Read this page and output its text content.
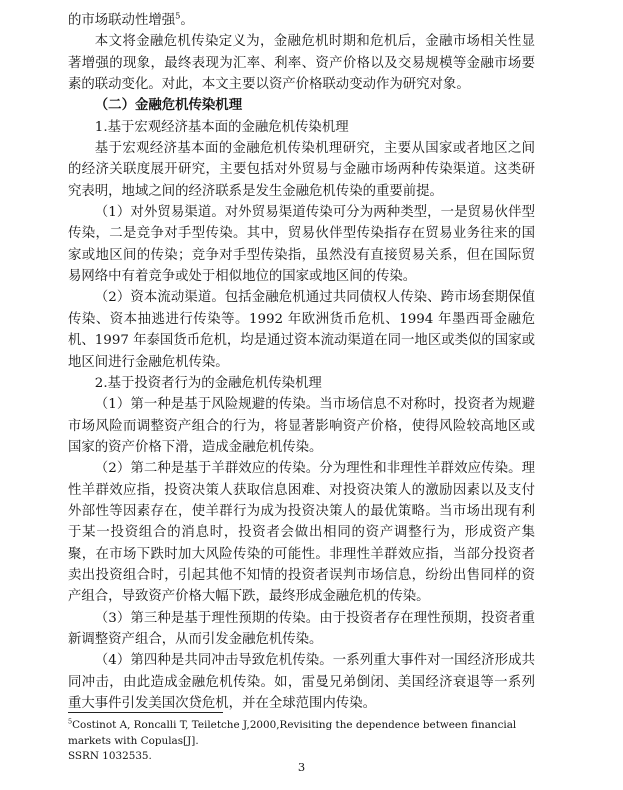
的市场联动性增强$^5$。

本文将金融危机传染定义为，金融危机时期和危机后，金融市场相关性显著增强的现象，最终表现为汇率、利率、资产价格以及交易规模等金融市场要素的联动变化。对此，本文主要以资产价格联动变动作为研究对象。

（二）金融危机传染机理

1.基于宏观经济基本面的金融危机传染机理

基于宏观经济基本面的金融危机传染机理研究，主要从国家或者地区之间的经济关联度展开研究，主要包括对外贸易与金融市场两种传染渠道。这类研究表明，地域之间的经济联系是发生金融危机传染的重要前提。

（1）对外贸易渠道。对外贸易渠道传染可分为两种类型，一是贸易伙伴型传染，二是竞争对手型传染。其中，贸易伙伴型传染指存在贸易业务往来的国家或地区间的传染；竞争对手型传染指，虽然没有直接贸易关系，但在国际贸易网络中有着竞争或处于相似地位的国家或地区间的传染。

（2）资本流动渠道。包括金融危机通过共同债权人传染、跨市场套期保值传染、资本抽逃进行传染等。1992 年欧洲货币危机、1994 年墨西哥金融危机、1997 年泰国货币危机，均是通过资本流动渠道在同一地区或类似的国家或地区间进行金融危机传染。

2.基于投资者行为的金融危机传染机理

（1）第一种是基于风险规避的传染。当市场信息不对称时，投资者为规避市场风险而调整资产组合的行为，将显著影响资产价格，使得风险较高地区或国家的资产价格下滑，造成金融危机传染。

（2）第二种是基于羊群效应的传染。分为理性和非理性羊群效应传染。理性羊群效应指，投资决策人获取信息困难、对投资决策人的激励因素以及支付外部性等因素存在，使羊群行为成为投资决策人的最优策略。当市场出现有利于某一投资组合的消息时，投资者会做出相同的资产调整行为，形成资产集聚，在市场下跌时加大风险传染的可能性。非理性羊群效应指，当部分投资者卖出投资组合时，引起其他不知情的投资者误判市场信息，纷纷出售同样的资产组合，导致资产价格大幅下跌，最终形成金融危机的传染。

（3）第三种是基于理性预期的传染。由于投资者存在理性预期，投资者重新调整资产组合，从而引发金融危机传染。

（4）第四种是共同冲击导致危机传染。一系列重大事件对一国经济形成共同冲击，由此造成金融危机传染。如，雷曼兄弟倒闭、美国经济衰退等一系列重大事件引发美国次贷危机，并在全球范围内传染。

$^5$Costinot A, Roncalli T, Teiletche J,2000,Revisiting the dependence between financial markets with Copulas[J].
SSRN 1032535.
3
